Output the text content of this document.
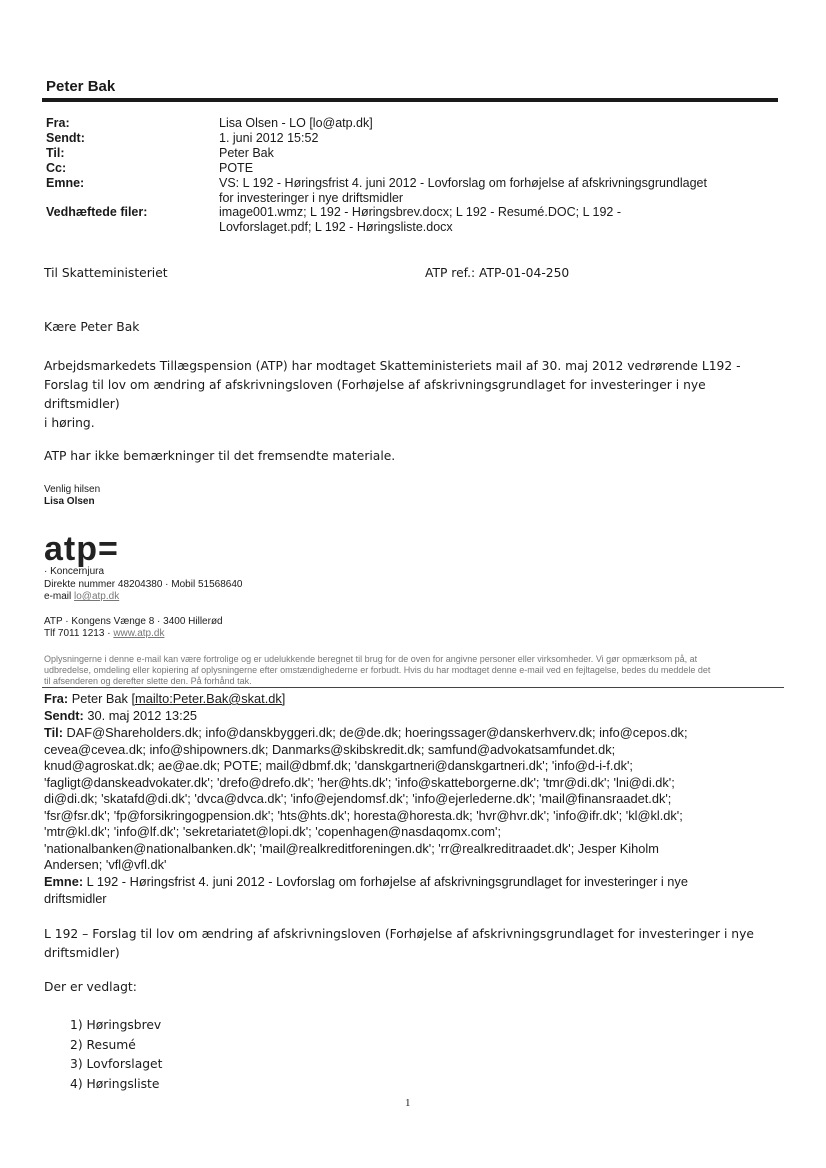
Peter Bak
Fra:	Lisa Olsen - LO [lo@atp.dk]
Sendt:	1. juni 2012 15:52
Til:	Peter Bak
Cc:	POTE
Emne:	VS: L 192 - Høringsfrist 4. juni 2012 - Lovforslag om forhøjelse af afskrivningsgrundlaget
for investeringer i nye driftsmidler
Vedhæftede filer:	image001.wmz; L 192 - Høringsbrev.docx; L 192 - Resumé.DOC; L 192 -
Lovforslaget.pdf; L 192 - Høringsliste.docx
Til Skatteministeriet	ATP ref.: ATP-01-04-250
Kære Peter Bak
Arbejdsmarkedets Tillægspension (ATP) har modtaget Skatteministeriets mail af 30. maj 2012 vedrørende L192 -
Forslag til lov om ændring af afskrivningsloven (Forhøjelse af afskrivningsgrundlaget for investeringer i nye
driftsmidler)
i høring.
ATP har ikke bemærkninger til det fremsendte materiale.
Venlig hilsen
Lisa Olsen
atp=
· Koncernjura
Direkte nummer 48204380 · Mobil 51568640
e-mail lo@atp.dk
ATP · Kongens Vænge 8 · 3400 Hillerød
Tlf 7011 1213 · www.atp.dk
Oplysningerne i denne e-mail kan være fortrolige og er udelukkende beregnet til brug for de oven for angivne personer eller virksomheder. Vi gør opmærksom på, at
udbredelse, omdeling eller kopiering af oplysningerne efter omstændighederne er forbudt. Hvis du har modtaget denne e-mail ved en fejltagelse, bedes du meddele det
til afsenderen og derefter slette den. På forhånd tak.
Fra: Peter Bak [mailto:Peter.Bak@skat.dk]
Sendt: 30. maj 2012 13:25
Til: DAF@Shareholders.dk; info@danskbyggeri.dk; de@de.dk; hoeringssager@danskerhverv.dk; info@cepos.dk;
cevea@cevea.dk; info@shipowners.dk; Danmarks@skibskredit.dk; samfund@advokatsamfundet.dk;
knud@agroskat.dk; ae@ae.dk; POTE; mail@dbmf.dk; 'danskgartneri@danskgartneri.dk'; 'info@d-i-f.dk';
'fagligt@danskeadvokater.dk'; 'drefo@drefo.dk'; 'her@hts.dk'; 'info@skatteborgerne.dk'; 'tmr@di.dk'; 'lni@di.dk';
di@di.dk; 'skatafd@di.dk'; 'dvca@dvca.dk'; 'info@ejendomsf.dk'; 'info@ejerlederne.dk'; 'mail@finansraadet.dk';
'fsr@fsr.dk'; 'fp@forsikringogpension.dk'; 'hts@hts.dk'; horesta@horesta.dk; 'hvr@hvr.dk'; 'info@ifr.dk'; 'kl@kl.dk';
'mtr@kl.dk'; 'info@lf.dk'; 'sekretariatet@lopi.dk'; 'copenhagen@nasdaqomx.com';
'nationalbanken@nationalbanken.dk'; 'mail@realkreditforeningen.dk'; 'rr@realkreditraadet.dk'; Jesper Kiholm
Andersen; 'vfl@vfl.dk'
Emne: L 192 - Høringsfrist 4. juni 2012 - Lovforslag om forhøjelse af afskrivningsgrundlaget for investeringer i nye
driftsmidler
L 192 – Forslag til lov om ændring af afskrivningsloven (Forhøjelse af afskrivningsgrundlaget for investeringer i nye
driftsmidler)
Der er vedlagt:
1) Høringsbrev
2) Resumé
3) Lovforslaget
4) Høringsliste
1
